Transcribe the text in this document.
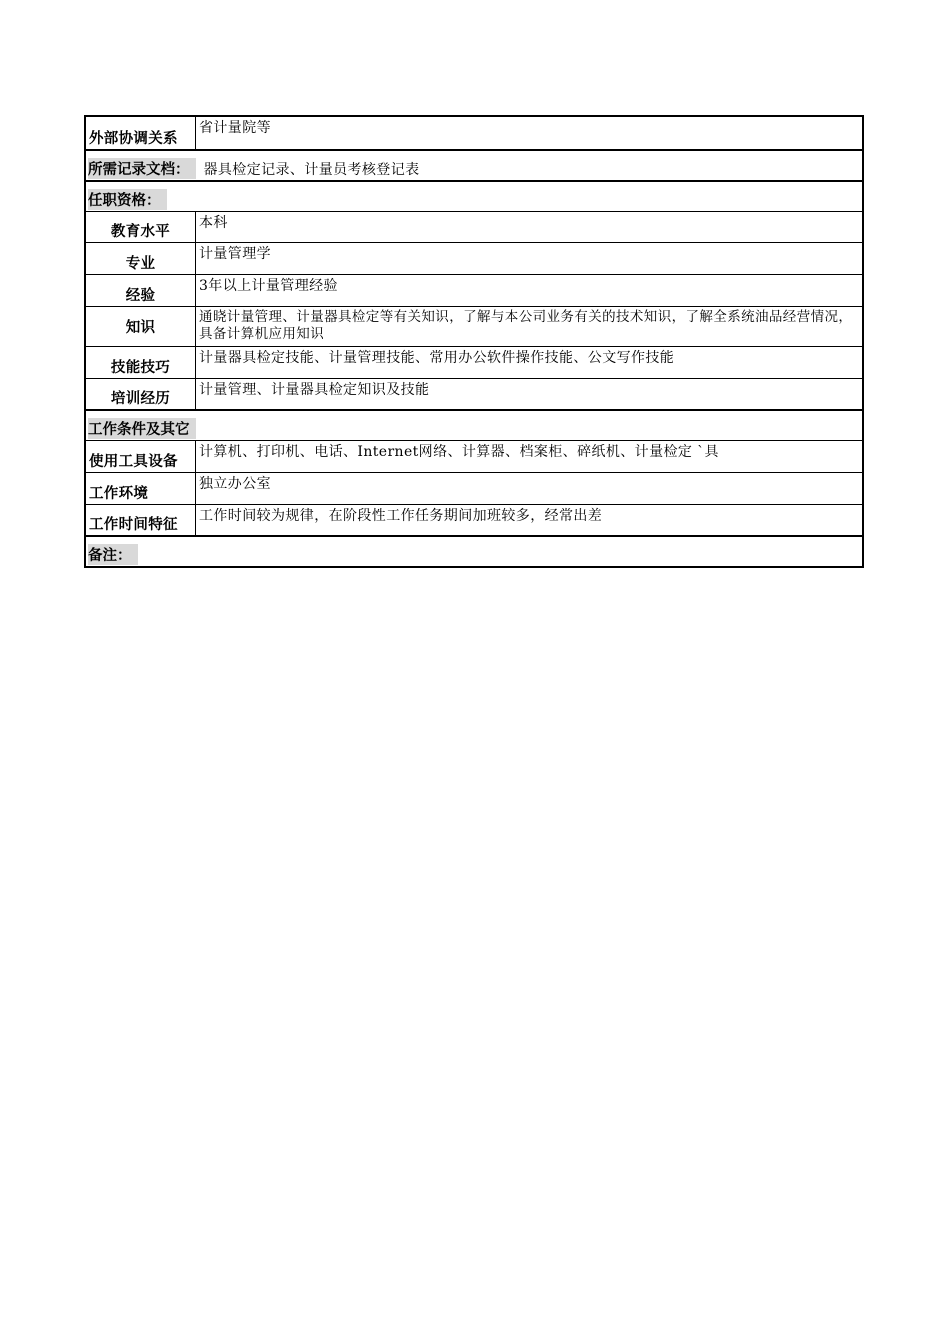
外部协调关系
省计量院等
所需记录文档：	器具检定记录、计量员考核登记表
任职资格：
教育水平
本科
专业
计量管理学
经验
3年以上计量管理经验
知识
通晓计量管理、计量器具检定等有关知识，了解与本公司业务有关的技术知识，了解全系统油品经营情况，具备计算机应用知识
技能技巧
计量器具检定技能、计量管理技能、常用办公软件操作技能、公文写作技能
培训经历
计量管理、计量器具检定知识及技能
工作条件及其它
使用工具设备
计算机、打印机、电话、Internet网络、计算器、档案柜、碎纸机、计量检定 `具
工作环境
独立办公室
工作时间特征
工作时间较为规律，在阶段性工作任务期间加班较多，经常出差
备注：
